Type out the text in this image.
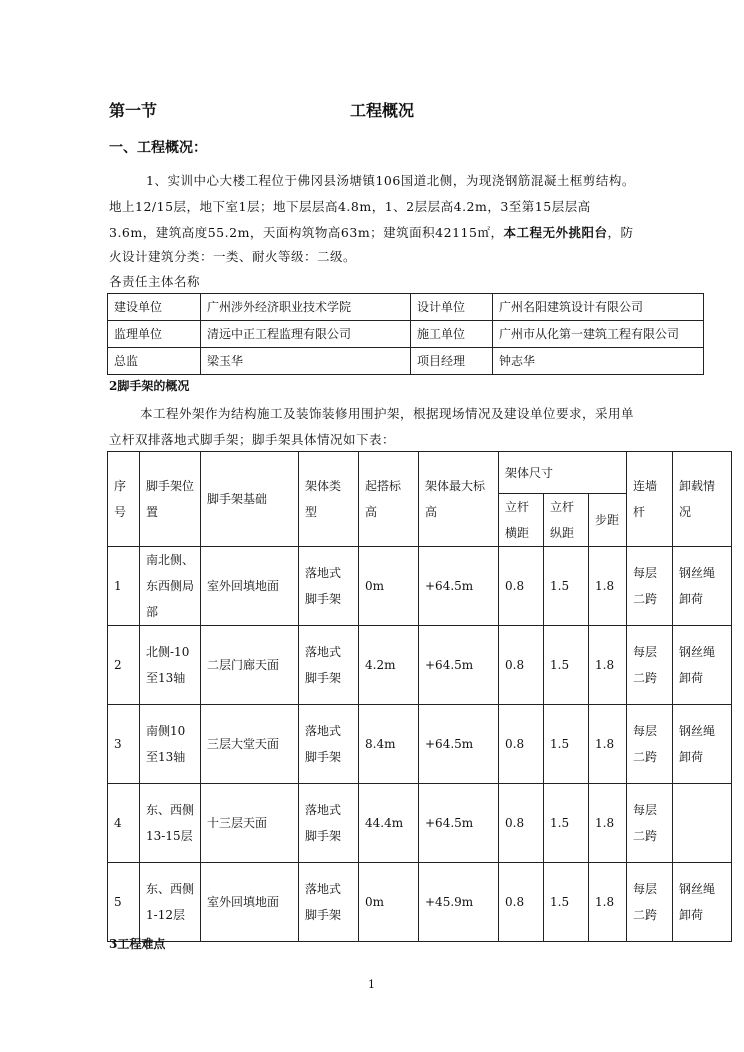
第一节	工程概况
一、工程概况：
1、实训中心大楼工程位于佛冈县汤塘镇106国道北侧，为现浇钢筋混凝土框剪结构。
地上12/15层，地下室1层；地下层层高4.8m，1、2层层高4.2m，3至第15层层高
3.6m，建筑高度55.2m，天面构筑物高63m；建筑面积42115㎡，本工程无外挑阳台，防
火设计建筑分类：一类、耐火等级：二级。
各责任主体名称
建设单位	广州涉外经济职业技术学院	设计单位	广州名阳建筑设计有限公司
监理单位	清远中正工程监理有限公司	施工单位	广州市从化第一建筑工程有限公司
总监	梁玉华	项目经理	钟志华
2脚手架的概况
本工程外架作为结构施工及装饰装修用围护架，根据现场情况及建设单位要求，采用单
立杆双排落地式脚手架；脚手架具体情况如下表：
序号	脚手架位置	脚手架基础	架体类型	起搭标高	架体最大标高	架体尺寸			连墙杆	卸载情况
						立杆横距	立杆纵距	步距		
1	南北侧、东西侧局部	室外回填地面	落地式脚手架	0m	+64.5m	0.8	1.5	1.8	每层二跨	钢丝绳卸荷
2	北侧-10至13轴	二层门廊天面	落地式脚手架	4.2m	+64.5m	0.8	1.5	1.8	每层二跨	钢丝绳卸荷
3	南侧10至13轴	三层大堂天面	落地式脚手架	8.4m	+64.5m	0.8	1.5	1.8	每层二跨	钢丝绳卸荷
4	东、西侧13-15层	十三层天面	落地式脚手架	44.4m	+64.5m	0.8	1.5	1.8	每层二跨	
5	东、西侧1-12层	室外回填地面	落地式脚手架	0m	+45.9m	0.8	1.5	1.8	每层二跨	钢丝绳卸荷
3工程难点
1
